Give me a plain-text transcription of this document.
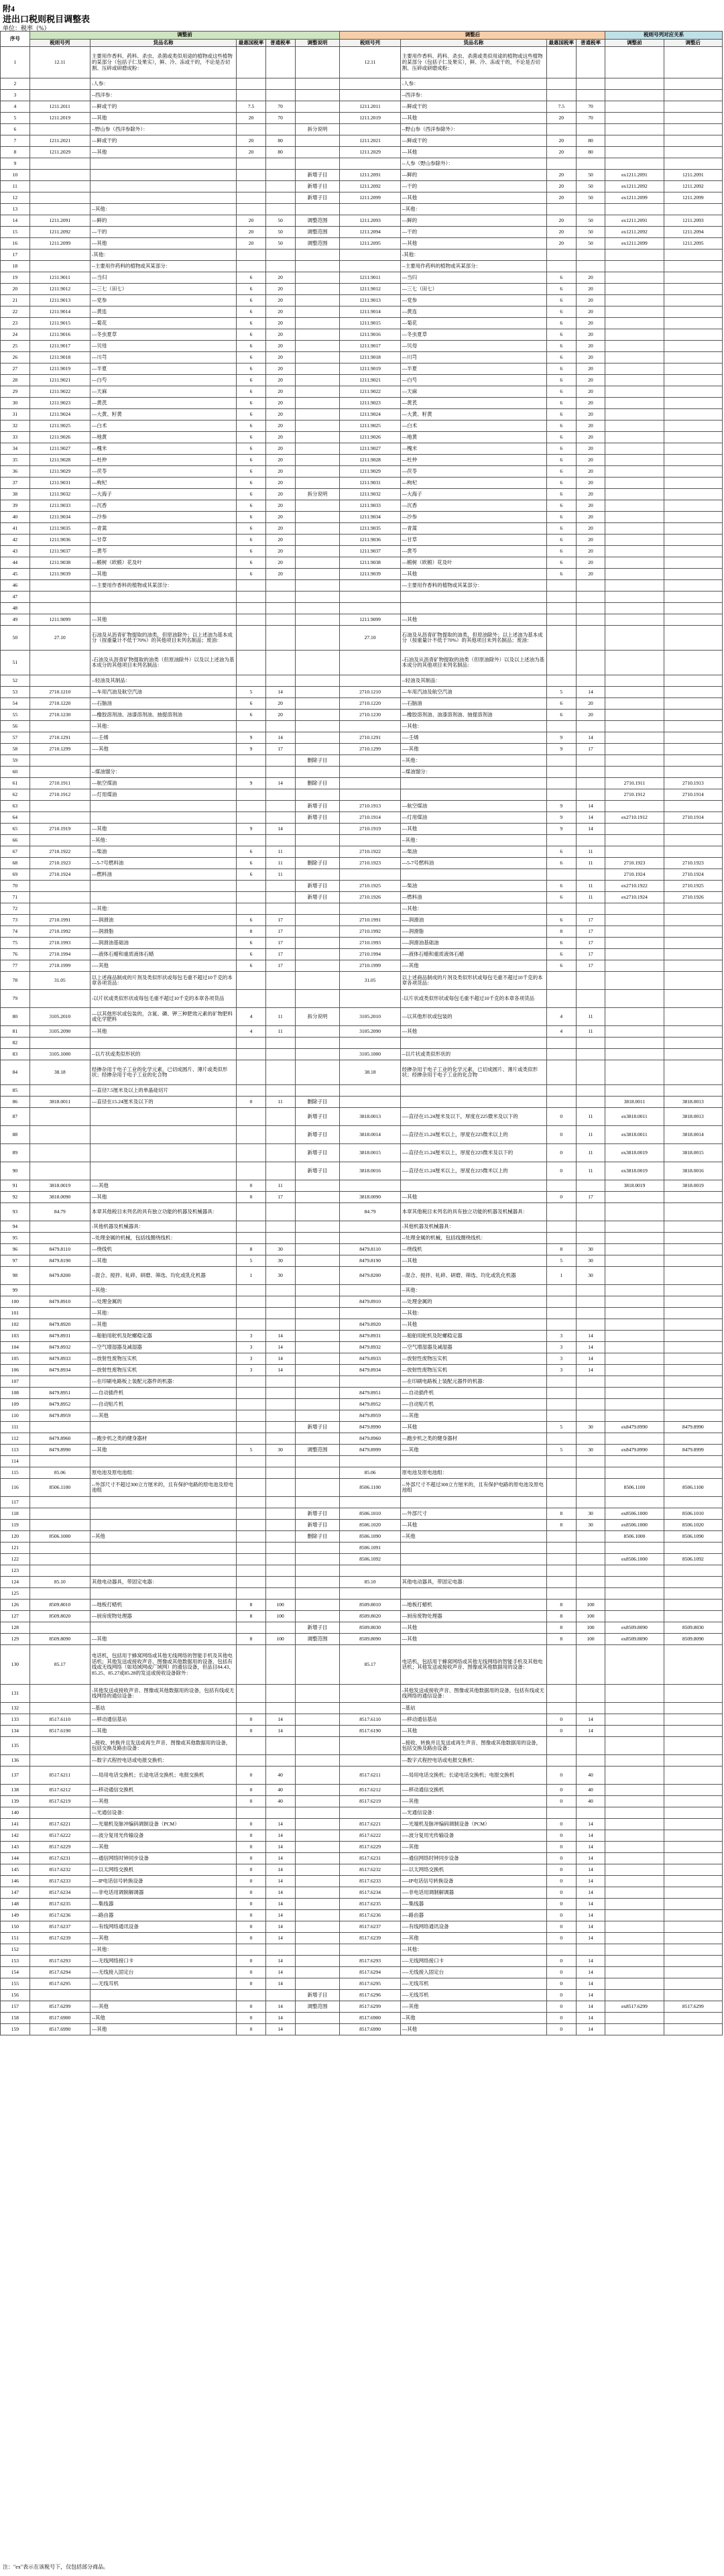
附4
进出口税则税目调整表
单位：税率（%）
序号	调整前					调整后				税则号列对应关系	
	税则号列	货品名称	最惠国税率	普通税率	调整说明	税则号列	货品名称	最惠国税率	普通税率	调整前	调整后
1	12.11	主要用作香料、药料、杀虫、杀菌或类似用途的植物或这些植物的某部分（包括子仁及果实），鲜、冷、冻或干的，不论是否切割、压碎或研磨成粉：				12.11	主要用作香料、药料、杀虫、杀菌或类似用途的植物或这些植物的某部分（包括子仁及果实），鲜、冷、冻或干的，不论是否切割、压碎或研磨成粉：				
2		-人参：					-人参：				
3		--西洋参：					--西洋参：				
4	1211.2011	---鲜或干的	7.5	70		1211.2011	---鲜或干的	7.5	70		
5	1211.2019	---其他	20	70		1211.2019	---其他	20	70		
6		--野山参（西洋参除外）：			拆分说明		--野山参（西洋参除外）：				
7	1211.2021	---鲜或干的	20	80		1211.2021	---鲜或干的	20	80		
8	1211.2029	---其他	20	80		1211.2029	---其他	20	80		
9							--人参（野山参除外）：				
10					新增子目	1211.2091	---鲜的	20	50	ex1211.2091	1211.2091
11					新增子目	1211.2092	---干的	20	50	ex1211.2092	1211.2092
12					新增子目	1211.2099	---其他	20	50	ex1211.2099	1211.2099
13		--其他：					--其他：				
14	1211.2091	---鲜的	20	50	调整范围	1211.2093	---鲜的	20	50	ex1211.2091	1211.2093
15	1211.2092	---干的	20	50	调整范围	1211.2094	---干的	20	50	ex1211.2092	1211.2094
16	1211.2099	---其他	20	50	调整范围	1211.2095	---其他	20	50	ex1211.2099	1211.2095
17		-其他：					-其他：				
18		--主要用作药料的植物或其某部分：					--主要用作药料的植物或其某部分：				
19	1211.9011	---当归	6	20		1211.9011	---当归	6	20		
20	1211.9012	---三七（田七）	6	20		1211.9012	---三七（田七）	6	20		
21	1211.9013	---党参	6	20		1211.9013	---党参	6	20		
22	1211.9014	---黄连	6	20		1211.9014	---黄连	6	20		
23	1211.9015	---菊花	6	20		1211.9015	---菊花	6	20		
24	1211.9016	---冬虫夏草	6	20		1211.9016	---冬虫夏草	6	20		
25	1211.9017	---贝母	6	20		1211.9017	---贝母	6	20		
26	1211.9018	---川芎	6	20		1211.9018	---川芎	6	20		
27	1211.9019	---半夏	6	20		1211.9019	---半夏	6	20		
28	1211.9021	---白芍	6	20		1211.9021	---白芍	6	20		
29	1211.9022	---天麻	6	20		1211.9022	---天麻	6	20		
30	1211.9023	---黄芪	6	20		1211.9023	---黄芪	6	20		
31	1211.9024	---大黄、籽黄	6	20		1211.9024	---大黄、籽黄	6	20		
32	1211.9025	---白术	6	20		1211.9025	---白术	6	20		
33	1211.9026	---地黄	6	20		1211.9026	---地黄	6	20		
34	1211.9027	---槐米	6	20		1211.9027	---槐米	6	20		
35	1211.9028	---杜仲	6	20		1211.9028	---杜仲	6	20		
36	1211.9029	---茯苓	6	20		1211.9029	---茯苓	6	20		
37	1211.9031	---枸杞	6	20		1211.9031	---枸杞	6	20		
38	1211.9032	---大海子	6	20	拆分说明	1211.9032	---大海子	6	20		
39	1211.9033	---沉香	6	20		1211.9033	---沉香	6	20		
40	1211.9034	---沙参	6	20		1211.9034	---沙参	6	20		
41	1211.9035	---青蒿	6	20		1211.9035	---青蒿	6	20		
42	1211.9036	---甘草	6	20		1211.9036	---甘草	6	20		
43	1211.9037	---黄芩	6	20		1211.9037	---黄芩	6	20		
44	1211.9038	---椴树（欧椴）花及叶	6	20		1211.9038	---椴树（欧椴）花及叶	6	20		
45	1211.9039	---其他	6	20		1211.9039	---其他	6	20		
46		---主要用作香料的植物或其某部分：					---主要用作香料的植物或其某部分：				
47											
48											
49	1211.9099	---其他				1211.9099	---其他				
50	27.10	石油及从沥青矿物提取的油类，但原油除外；以上述油为基本成分（按重量计不低于70%）的其他项目未列名制品；废油：				27.10	石油及从沥青矿物提取的油类，但原油除外；以上述油为基本成分（按重量计不低于70%）的其他项目未列名制品；废油：				
51		-石油及从沥青矿物提取的油类（但原油除外）以及以上述油为基本成分的其他项目未列名制品：					-石油及从沥青矿物提取的油类（但原油除外）以及以上述油为基本成分的其他项目未列名制品：				
52		--轻油及其制品：					--轻油及其制品：				
53	2710.1210	---车用汽油及航空汽油	5	14		2710.1210	---车用汽油及航空汽油	5	14		
54	2710.1220	---石脑油	6	20		2710.1220	---石脑油	6	20		
55	2710.1230	---橡胶溶剂油、油漆溶剂油、抽提溶剂油	6	20		2710.1230	---橡胶溶剂油、油漆溶剂油、抽提溶剂油	6	20		
56		---其他：					---其他：				
57	2710.1291	----壬烯	9	14		2710.1291	----壬烯	9	14		
58	2710.1299	----其他	9	17		2710.1299	----其他	9	17		
59					删除子目		--其他：				
60		--煤油馏分：					--煤油馏分：				
61	2710.1911	---航空煤油	9	14	删除子目					2710.1911	2710.1913
62	2710.1912	---灯用煤油								2710.1912	2710.1914
63					新增子目	2710.1913	---航空煤油	9	14		
64					新增子目	2710.1914	---灯用煤油	9	14	ex2710.1912	2710.1914
65	2710.1919	---其他	9	14		2710.1919	---其他	9	14		
66		--其他：					--其他：				
67	2710.1922	---柴油	6	11		2710.1922	---柴油	6	11		
68	2710.1923	---5-7号燃料油	6	11	删除子目	2710.1923	---5-7号燃料油	6	11	2710.1923	2710.1923
69	2710.1924	---燃料油	6	11						2710.1924	2710.1924
70					新增子目	2710.1925	---柴油	6	11	ex2710.1922	2710.1925
71					新增子目	2710.1926	---燃料油	6	11	ex2710.1924	2710.1926
72		---其他：					---其他：				
73	2710.1991	----润滑油	6	17		2710.1991	----润滑油	6	17		
74	2710.1992	----润滑脂	8	17		2710.1992	----润滑脂	8	17		
75	2710.1993	----润滑油基础油	6	17		2710.1993	----润滑油基础油	6	17		
76	2710.1994	----液体石蜡和重质液体石蜡	6	17		2710.1994	----液体石蜡和重质液体石蜡	6	17		
77	2710.1999	----其他	6	17		2710.1999	----其他	6	17		
78	31.05	以上述商品制成的片剂及类似形状或每包毛重不超过10千克的本章各项货品：				31.05	以上述商品制成的片剂及类似形状或每包毛重不超过10千克的本章各项货品：				
79		-以片状或类似形状或每包毛重不超过10千克的本章各项货品					-以片状或类似形状或每包毛重不超过10千克的本章各项货品				
80	3105.2010	---以其他形状或包装的，含氮、磷、钾三种肥效元素的矿物肥料或化学肥料	4	11	拆分说明	3105.2010	---以其他形状或包装的	4	11		
81	3105.2090	---其他	4	11		3105.2090	---其他	4	11		
82											
83	3105.1000	--以片状或类似形状的				3105.1000	--以片状或类似形状的				
84	38.18	经掺杂用于电子工业的化学元素，已切成圆片、薄片或类似形状；经掺杂用于电子工业的化合物				38.18	经掺杂用于电子工业的化学元素，已切成圆片、薄片或类似形状；经掺杂用于电子工业的化合物				
85		---直径7.5厘米及以上的单晶硅切片									
86	3818.0011	---直径在15.24厘米及以下的	0	11	删除子目					3818.0011	3818.0013
87					新增子目	3818.0013	----直径在15.24厘米及以下，厚度在225微米及以下的	0	11	ex3818.0011	3818.0013
88					新增子目	3818.0014	----直径在15.24厘米以上，厚度在225微米以上的	0	11	ex3818.0011	3818.0014
89					新增子目	3818.0015	----直径在15.24厘米以上，厚度在225微米及以下的	0	11	ex3818.0019	3818.0015
90					新增子目	3818.0016	----直径在15.24厘米以上，厚度在225微米以上的	0	11	ex3818.0019	3818.0016
91	3818.0019	----其他	0	11						3818.0019	3818.0019
92	3818.0090	---其他	0	17		3818.0090	---其他	0	17		
93	84.79	本章其他税目未列名的具有独立功能的机器及机械器具：				84.79	本章其他税目未列名的具有独立功能的机器及机械器具：				
94		-其他机器及机械器具：					-其他机器及机械器具：				
95		--处理金属的机械，包括线圈绕线机：					--处理金属的机械，包括线圈绕线机：				
96	8479.8110	---绕线机	8	30		8479.8110	---绕线机	8	30		
97	8479.8190	---其他	5	30		8479.8190	---其他	5	30		
98	8479.8200	--混合、搅拌、轧碎、研磨、筛选、均化或乳化机器	1	30		8479.8200	--混合、搅拌、轧碎、研磨、筛选、均化或乳化机器	1	30		
99		--其他：					--其他：				
100	8479.8910	---处理金属的				8479.8910	---处理金属的				
101		---其他：					---其他：				
102	8479.8920	---其他				8479.8920	---其他				
103	8479.8931	---船舶用舵机及陀螺稳定器	3	14		8479.8931	---船舶用舵机及陀螺稳定器	3	14		
104	8479.8932	---空气增湿器及减湿器	3	14		8479.8932	---空气增湿器及减湿器	3	14		
105	8479.8933	---放射性废物压实机	3	14		8479.8933	---放射性废物压实机	3	14		
106	8479.8934	---放射性废物压实机	3	14		8479.8934	---放射性废物压实机	3	14		
107		---在印刷电路板上装配元器件的机器：					---在印刷电路板上装配元器件的机器：				
108	8479.8951	----自动插件机				8479.8951	----自动插件机				
109	8479.8952	----自动贴片机				8479.8952	----自动贴片机				
110	8479.8959	----其他				8479.8959	----其他				
111					新增子目	8479.8990	---其他	5	30	ex8479.8990	8479.8990
112	8479.8960	---跑步机之类的健身器材				8479.8960	---跑步机之类的健身器材				
113	8479.8990	---其他	5	30	调整范围	8479.8999	----其他	5	30	ex8479.8990	8479.8999
114											
115	85.06	原电池及原电池组：				85.06	原电池及原电池组：				
116	8506.1100	--外部尺寸不超过300立方厘米的，且有保护电路的原电池及原电池组				8506.1100	--外部尺寸不超过300立方厘米的，且有保护电路的原电池及原电池组			8506.1100	8506.1100
117											
118					新增子目	8506.1010	---外部尺寸	8	30	ex8506.1000	8506.1010
119					新增子目	8506.1020	---其他	8	30	ex8506.1000	8506.1020
120	8506.1000	--其他			删除子目	8506.1090	--其他			8506.1000	8506.1090
121						8506.1091					
122						8506.1092				ex8506.1000	8506.1092
123											
124	85.10	其他电动器具，带固定电器：				85.10	其他电动器具，带固定电器：				
125											
126	8509.8010	---地板打蜡机	8	100		8509.8010	---地板打蜡机	8	100		
127	8509.8020	---厨房废物处理器	8	100		8509.8020	---厨房废物处理器	8	100		
128					新增子目	8509.8030	---其他	8	100	ex8509.8090	8509.8030
129	8509.8090	---其他	8	100	调整范围	8509.8090	---其他	8	100	ex8509.8090	8509.8090
130	85.17	电话机，包括用于蜂窝网络或其他无线网络的智能手机及其他电话机；其他发送或接收声音、图像或其他数据用的设备，包括有线或无线网络（如局域网或广域网）的通信设备，但品目84.43、85.25、85.27或85.28的发送或接收设备除外：				85.17	电话机，包括用于蜂窝网络或其他无线网络的智能手机及其他电话机；其他发送或接收声音、图像或其他数据用的设备：				
131		-其他发送或接收声音、图像或其他数据用的设备，包括有线或无线网络的通信设备：					-其他发送或接收声音、图像或其他数据用的设备，包括有线或无线网络的通信设备：				
132		--基站					--基站				
133	8517.6110	---移动通信基站	0	14		8517.6110	---移动通信基站	0	14		
134	8517.6190	---其他	0	14		8517.6190	---其他	0	14		
135		--接收、转换并且发送或再生声音、图像或其他数据用的设备，包括交换及路由设备：					--接收、转换并且发送或再生声音、图像或其他数据用的设备，包括交换及路由设备：				
136		---数字式程控电话或电报交换机：					---数字式程控电话或电报交换机：				
137	8517.6211	----局用电话交换机；长途电话交换机；电报交换机	0	40		8517.6211	----局用电话交换机；长途电话交换机；电报交换机	0	40		
138	8517.6212	----移动通信交换机	0	40		8517.6212	----移动通信交换机	0	40		
139	8517.6219	----其他	0	40		8517.6219	----其他	0	40		
140		---光通信设备：					---光通信设备：				
141	8517.6221	----光端机及脉冲编码调制设备（PCM）	0	14		8517.6221	----光端机及脉冲编码调制设备（PCM）	0	14		
142	8517.6222	----波分复用光传输设备	0	14		8517.6222	----波分复用光传输设备	0	14		
143	8517.6229	----其他	0	14		8517.6229	----其他	0	14		
144	8517.6231	----通信网络时钟同步设备	0	14		8517.6231	----通信网络时钟同步设备	0	14		
145	8517.6232	----以太网络交换机	0	14		8517.6232	----以太网络交换机	0	14		
146	8517.6233	----IP电话信号转换设备	0	14		8517.6233	----IP电话信号转换设备	0	14		
147	8517.6234	----非电话用调制解调器	0	14		8517.6234	----非电话用调制解调器	0	14		
148	8517.6235	----集线器	0	14		8517.6235	----集线器	0	14		
149	8517.6236	----路由器	0	14		8517.6236	----路由器	0	14		
150	8517.6237	----有线网络通讯设备	0	14		8517.6237	----有线网络通讯设备	0	14		
151	8517.6239	----其他	0	14		8517.6239	----其他	0	14		
152		---其他：					---其他：				
153	8517.6293	----无线网络接口卡	0	14		8517.6293	----无线网络接口卡	0	14		
154	8517.6294	----无线接入固定台	0	14		8517.6294	----无线接入固定台	0	14		
155	8517.6295	----无线耳机	0	14		8517.6295	----无线耳机	0	14		
156					新增子目	8517.6296	----无线耳机	0	14		
157	8517.6299	----其他	0	14	调整范围	8517.6299	----其他	0	14	ex8517.6299	8517.6299
158	8517.6900	--其他	0	14		8517.6900	--其他	0	14		
159	8517.6990	---其他	0	14		8517.6990	---其他	0	14		
注："ex"表示在该税号下，仅包括部分商品。
